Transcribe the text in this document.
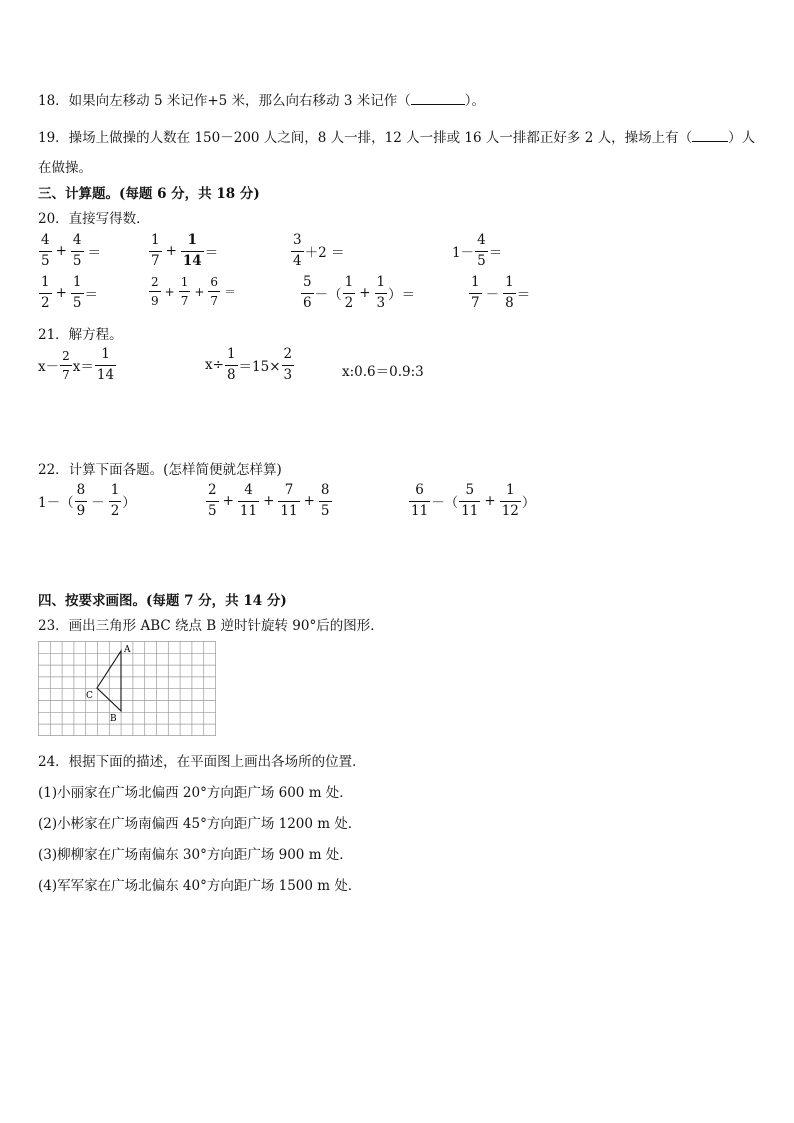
18．如果向左移动 5 米记作+5 米，那么向右移动 3 米记作（	）。
19．操场上做操的人数在 150－200 人之间，8 人一排，12 人一排或 16 人一排都正好多 2 人，操场上有（	）人
在做操。
三、计算题。(每题 6 分，共 18 分)
20．直接写得数．
$\frac{4}{5} + \frac{4}{5}$ ＝	$\frac{1}{7} + \frac{1}{14}$ ＝	$\frac{3}{4} +2$ ＝	$1- \frac{4}{5}$ ＝
$\frac{1}{2} + \frac{1}{5}$ ＝	$\frac{2}{9} + \frac{1}{7} + \frac{6}{7}$ ＝	$\frac{5}{6}$ －（ $\frac{1}{2} + \frac{1}{3}$ ）＝	$\frac{1}{7} - \frac{1}{8}$ ＝
21．解方程。
$x- \frac{2}{7} x= \frac{1}{14}$	$x\div \frac{1}{8} =15\times \frac{2}{3}$	x:0.6＝0.9:3
22．计算下面各题。(怎样简便就怎样算)
$1-( \frac{8}{9} - \frac{1}{2}$ ）	$\frac{2}{5} + \frac{4}{11} + \frac{7}{11} + \frac{8}{5}$	$\frac{6}{11}$ －（ $\frac{5}{11} + \frac{1}{12}$ ）
四、按要求画图。(每题 7 分，共 14 分)
23．画出三角形 ABC 绕点 B 逆时针旋转 90°后的图形．
A
B
C
24．根据下面的描述，在平面图上画出各场所的位置．
(1)小丽家在广场北偏西 20°方向距广场 600 m 处．
(2)小彬家在广场南偏西 45°方向距广场 1200 m 处．
(3)柳柳家在广场南偏东 30°方向距广场 900 m 处．
(4)军军家在广场北偏东 40°方向距广场 1500 m 处．
